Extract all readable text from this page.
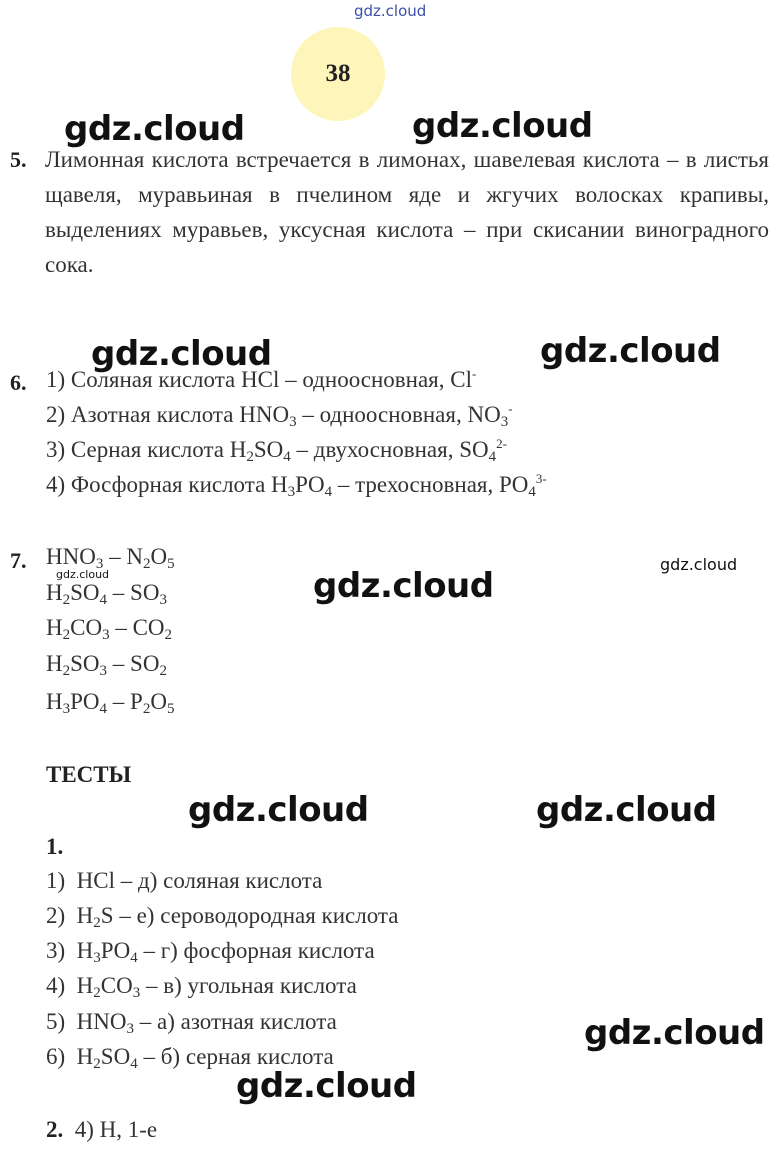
gdz.cloud
38
5. Лимонная кислота встречается в лимонах, шавелевая кислота – в листья щавеля, муравьиная в пчелином яде и жгучих волосках крапивы, выделениях муравьев, уксусная кислота – при скисании виноградного сока.
6. 1) Соляная кислота HCl – одноосновная, Cl-
2) Азотная кислота $HNO_3$ – одноосновная, $NO_3^-$
3) Серная кислота $H_2SO_4$ – двухосновная, $SO_4^{2-}$
4) Фосфорная кислота $H_3PO_4$ – трехосновная, $PO_4^{3-}$
7. $HNO_3 - N_2O_5$
$H_2SO_4 - SO_3$
$H_2CO_3 - CO_2$
$H_2SO_3 - SO_2$
$H_3PO_4 - P_2O_5$
ТЕСТЫ
1.
1) HCl – д) соляная кислота
2) $H_2S - е$) сероводородная кислота
3) $H_3PO_4 - г$) фосфорная кислота
4) $H_2CO_3 - в$) угольная кислота
5) $HNO_3 - а$) азотная кислота
6) $H_2SO_4 - б$) серная кислота
2. 4) H, 1-e
gdz.cloud	gdz.cloud
gdz.cloud	gdz.cloud
gdz.cloud
gdz.cloud
gdz.cloud
gdz.cloud	gdz.cloud
gdz.cloud
gdz.cloud
